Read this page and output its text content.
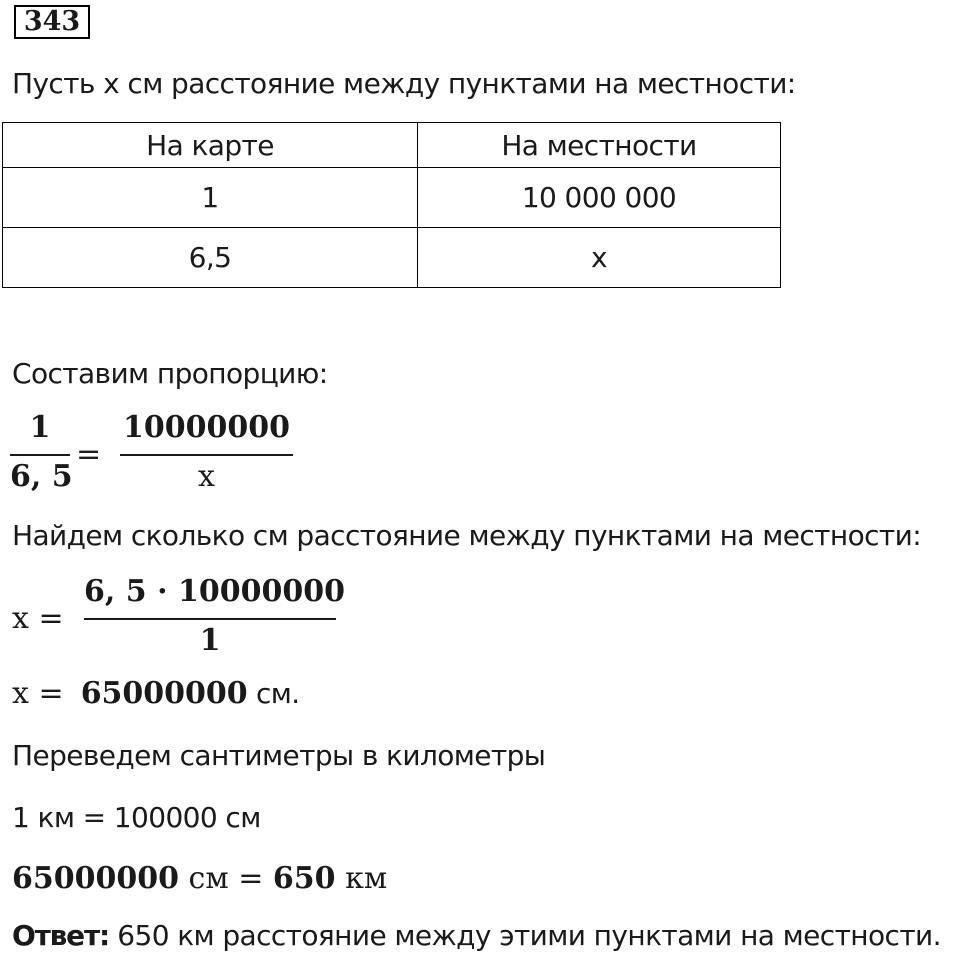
343
Пусть х см расстояние между пунктами на местности:
На карте	На местности
1	10 000 000
6,5	х
Составим пропорцию:
1
6, 5
=
10000000
x
Найдем сколько см расстояние между пунктами на местности:
x =
6, 5 · 10000000
1
x = 65000000 см.
Переведем сантиметры в километры
1 км = 100000 см
65000000 см = 650 км
Ответ: 650 км расстояние между этими пунктами на местности.
